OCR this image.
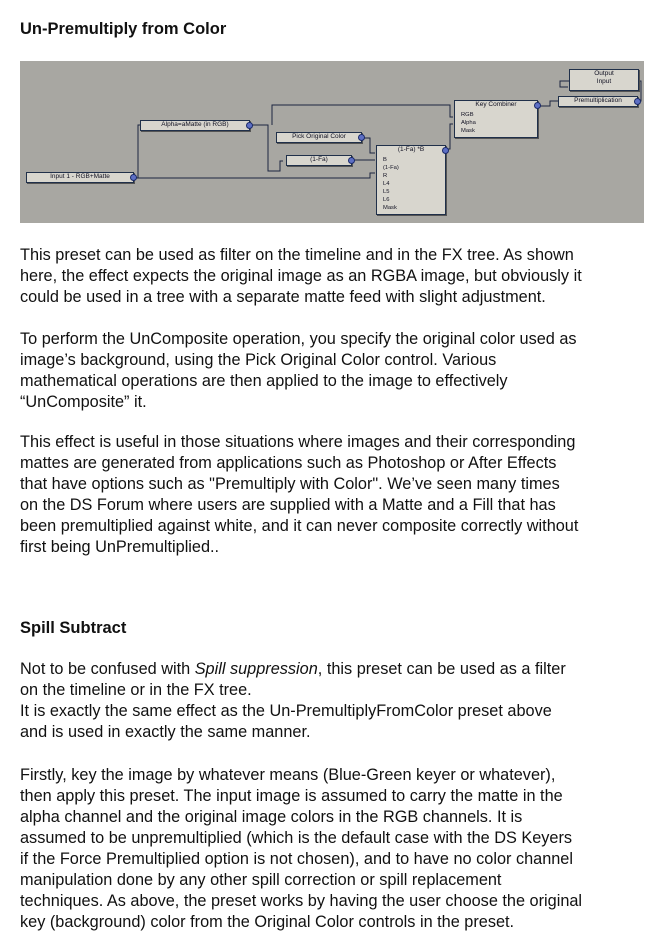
Un-Premultiply from Color
Input 1 - RGB+Matte
Alpha=aMatte (in RGB)
Pick Original Color
(1-Fa)
(1-Fa) *B
B
(1-Fa)
R
L4
L5
L6
Mask
Key Combiner
RGB
Alpha
Mask
Premultiplication
Output
Input

This preset can be used as filter on the timeline and in the FX tree. As shown
here, the effect expects the original image as an RGBA image, but obviously it
could be used in a tree with a separate matte feed with slight adjustment.

To perform the UnComposite operation, you specify the original color used as
image’s background, using the Pick Original Color control. Various
mathematical operations are then applied to the image to effectively
“UnComposite” it.

This effect is useful in those situations where images and their corresponding
mattes are generated from applications such as Photoshop or After Effects
that have options such as "Premultiply with Color". We’ve seen many times
on the DS Forum where users are supplied with a Matte and a Fill that has
been premultiplied against white, and it can never composite correctly without
first being UnPremultiplied..

Spill Subtract

Not to be confused with Spill suppression, this preset can be used as a filter
on the timeline or in the FX tree.
It is exactly the same effect as the Un-PremultiplyFromColor preset above
and is used in exactly the same manner.

Firstly, key the image by whatever means (Blue-Green keyer or whatever),
then apply this preset. The input image is assumed to carry the matte in the
alpha channel and the original image colors in the RGB channels. It is
assumed to be unpremultiplied (which is the default case with the DS Keyers
if the Force Premultiplied option is not chosen), and to have no color channel
manipulation done by any other spill correction or spill replacement
techniques. As above, the preset works by having the user choose the original
key (background) color from the Original Color controls in the preset.
